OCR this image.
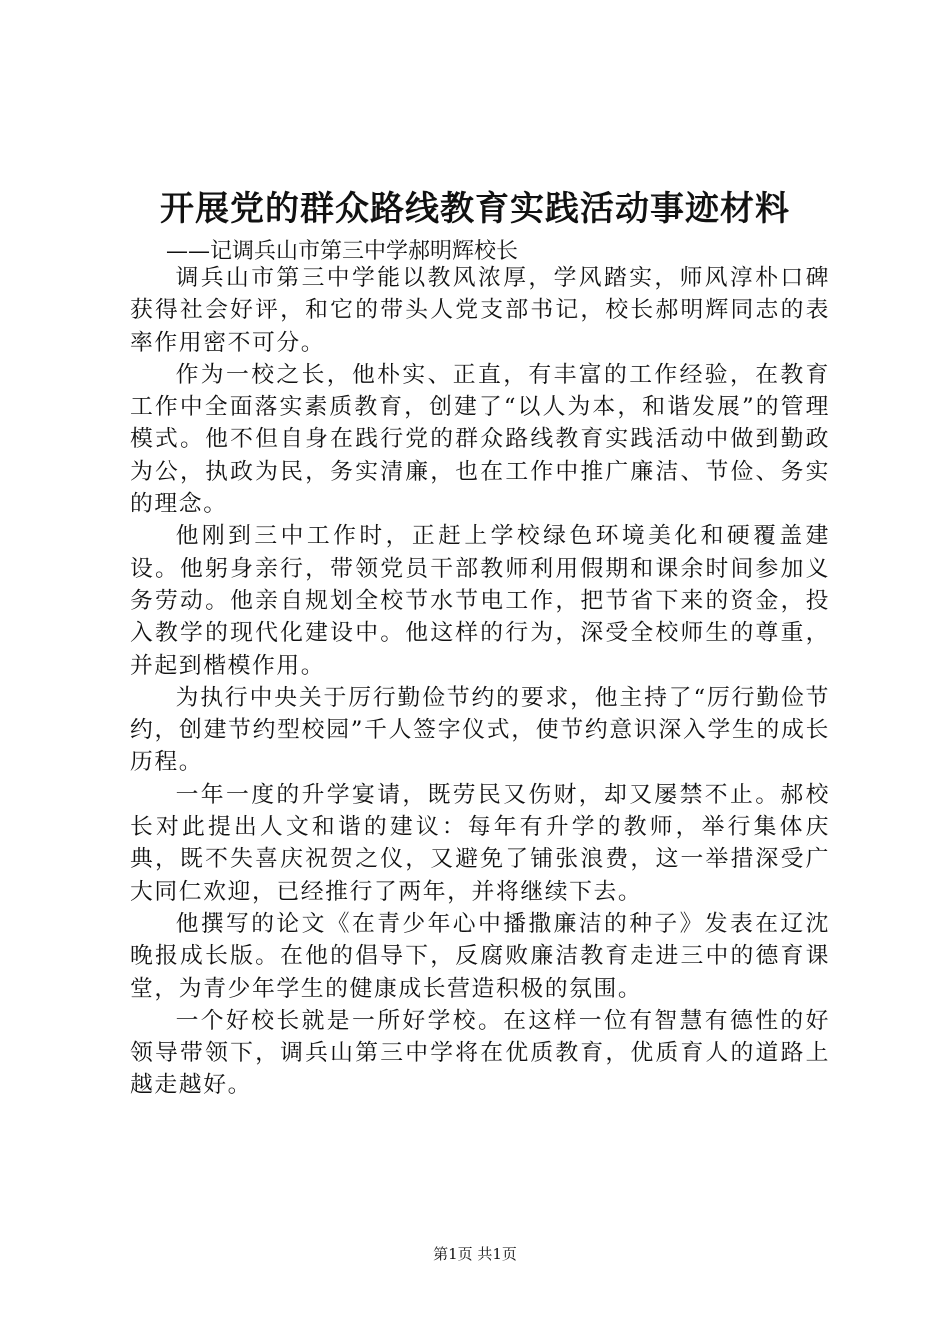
开展党的群众路线教育实践活动事迹材料
——记调兵山市第三中学郝明辉校长

调兵山市第三中学能以教风浓厚，学风踏实，师风淳朴口碑获得社会好评，和它的带头人党支部书记，校长郝明辉同志的表率作用密不可分。

作为一校之长，他朴实、正直，有丰富的工作经验，在教育工作中全面落实素质教育，创建了“以人为本，和谐发展”的管理模式。他不但自身在践行党的群众路线教育实践活动中做到勤政为公，执政为民，务实清廉，也在工作中推广廉洁、节俭、务实的理念。

他刚到三中工作时，正赶上学校绿色环境美化和硬覆盖建设。他躬身亲行，带领党员干部教师利用假期和课余时间参加义务劳动。他亲自规划全校节水节电工作，把节省下来的资金，投入教学的现代化建设中。他这样的行为，深受全校师生的尊重，并起到楷模作用。

为执行中央关于厉行勤俭节约的要求，他主持了“厉行勤俭节约，创建节约型校园”千人签字仪式，使节约意识深入学生的成长历程。

一年一度的升学宴请，既劳民又伤财，却又屡禁不止。郝校长对此提出人文和谐的建议：每年有升学的教师，举行集体庆典，既不失喜庆祝贺之仪，又避免了铺张浪费，这一举措深受广大同仁欢迎，已经推行了两年，并将继续下去。

他撰写的论文《在青少年心中播撒廉洁的种子》发表在辽沈晚报成长版。在他的倡导下，反腐败廉洁教育走进三中的德育课堂，为青少年学生的健康成长营造积极的氛围。

一个好校长就是一所好学校。在这样一位有智慧有德性的好领导带领下，调兵山第三中学将在优质教育，优质育人的道路上越走越好。

第1页 共1页
